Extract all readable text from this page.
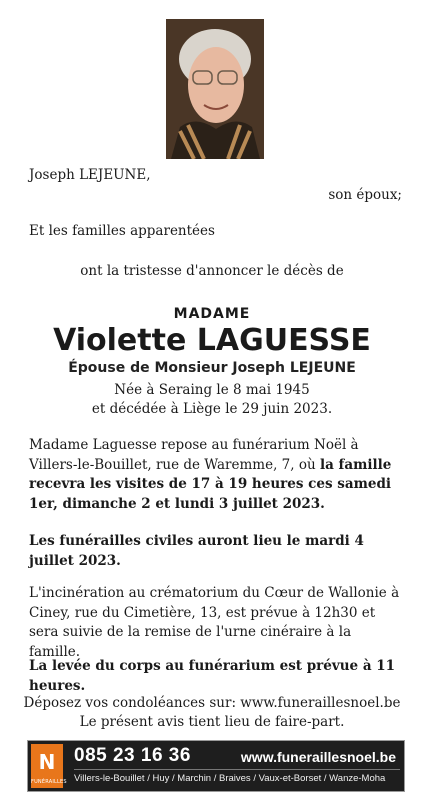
Joseph LEJEUNE,
son époux;
Et les familles apparentées
ont la tristesse d'annoncer le décès de
MADAME
Violette LAGUESSE
Épouse de Monsieur Joseph LEJEUNE
Née à Seraing le 8 mai 1945
et décédée à Liège le 29 juin 2023.
Madame Laguesse repose au funérarium Noël à Villers-le-Bouillet, rue de Waremme, 7, où la famille recevra les visites de 17 à 19 heures ces samedi 1er, dimanche 2 et lundi 3 juillet 2023.
Les funérailles civiles auront lieu le mardi 4 juillet 2023.
L'incinération au crématorium du Cœur de Wallonie à Ciney, rue du Cimetière, 13, est prévue à 12h30 et sera suivie de la remise de l'urne cinéraire à la famille.
La levée du corps au funérarium est prévue à 11 heures.
Déposez vos condoléances sur: www.funeraillesnoel.be
Le présent avis tient lieu de faire-part.
N
FUNÉRAILLES
085 23 16 36	www.funeraillesnoel.be
Villers-le-Bouillet / Huy / Marchin / Braives / Vaux-et-Borset / Wanze-Moha
